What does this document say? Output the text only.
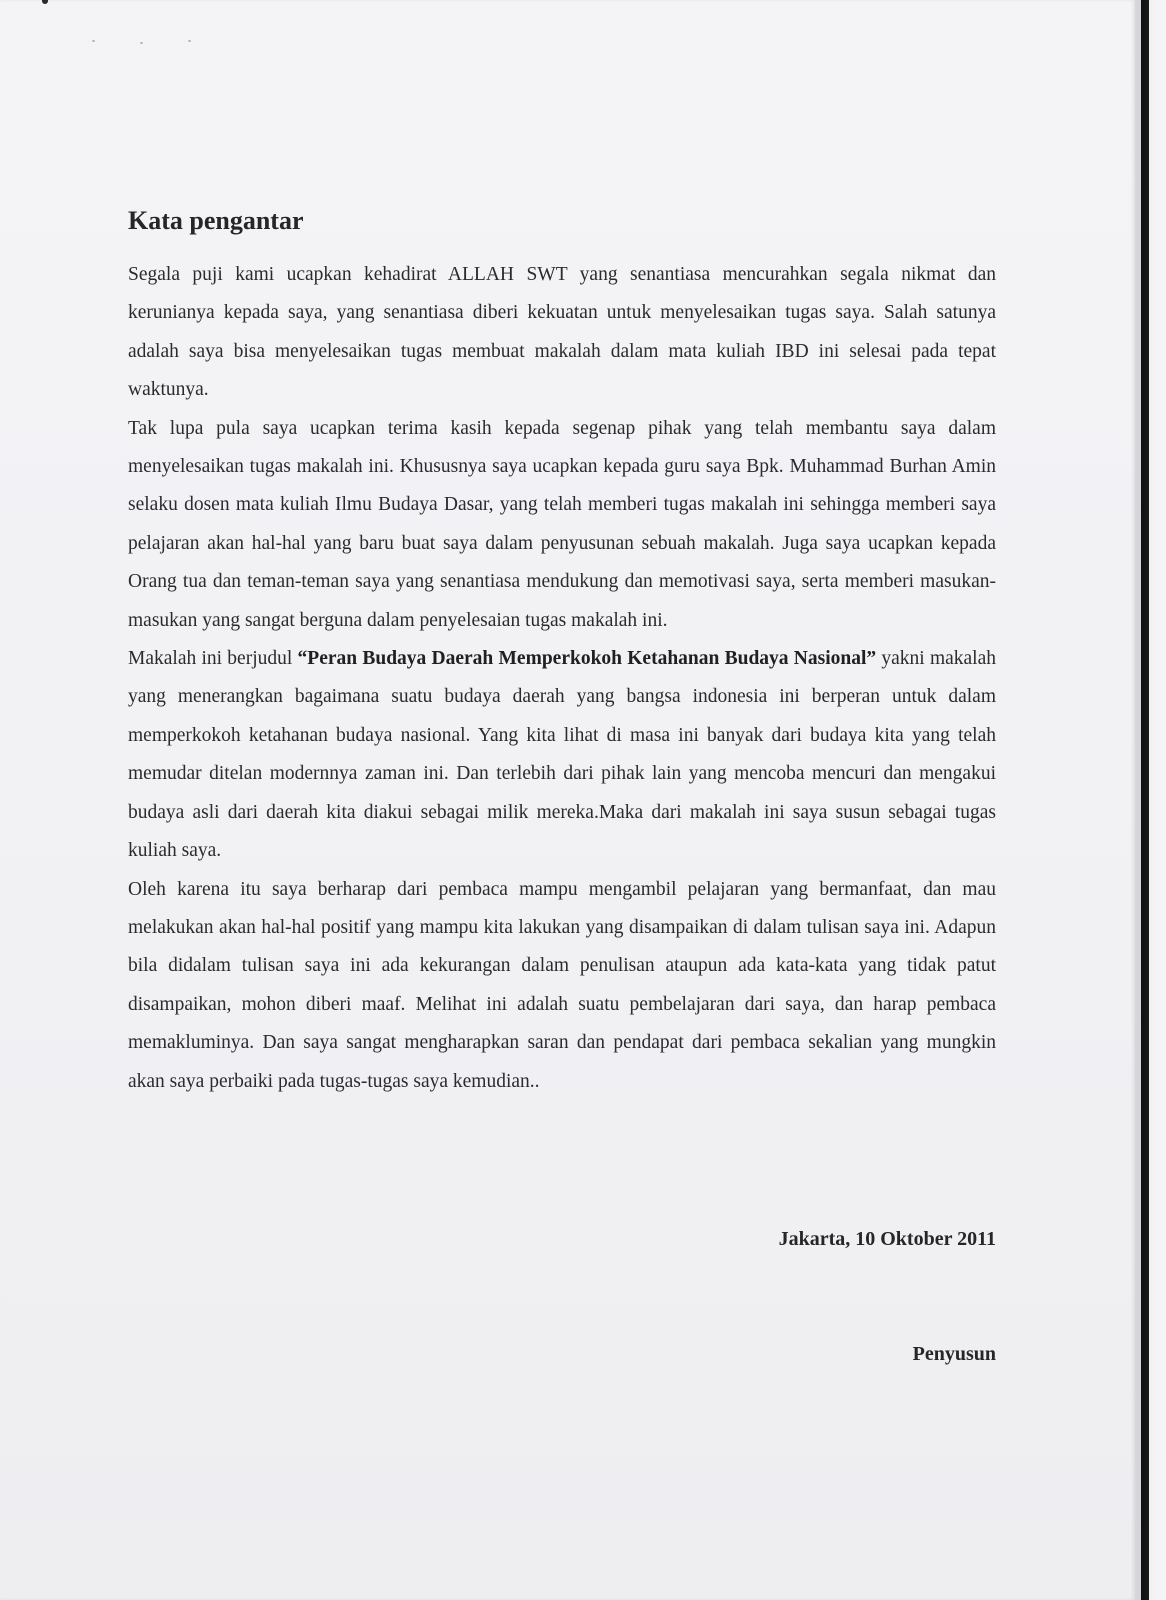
Kata pengantar

Segala puji kami ucapkan kehadirat ALLAH SWT yang senantiasa mencurahkan segala nikmat dan kerunianya kepada saya, yang senantiasa diberi kekuatan untuk menyelesaikan tugas saya. Salah satunya adalah saya bisa menyelesaikan tugas membuat makalah dalam mata kuliah IBD ini selesai pada tepat waktunya.

Tak lupa pula saya ucapkan terima kasih kepada segenap pihak yang telah membantu saya dalam menyelesaikan tugas makalah ini. Khususnya saya ucapkan kepada guru saya Bpk. Muhammad Burhan Amin selaku dosen mata kuliah Ilmu Budaya Dasar, yang telah memberi tugas makalah ini sehingga memberi saya pelajaran akan hal-hal yang baru buat saya dalam penyusunan sebuah makalah. Juga saya ucapkan kepada Orang tua dan teman-teman saya yang senantiasa mendukung dan memotivasi saya, serta memberi masukan-masukan yang sangat berguna dalam penyelesaian tugas makalah ini.

Makalah ini berjudul “Peran Budaya Daerah Memperkokoh Ketahanan Budaya Nasional” yakni makalah yang menerangkan bagaimana suatu budaya daerah yang bangsa indonesia ini berperan untuk dalam memperkokoh ketahanan budaya nasional. Yang kita lihat di masa ini banyak dari budaya kita yang telah memudar ditelan modernnya zaman ini. Dan terlebih dari pihak lain yang mencoba mencuri dan mengakui budaya asli dari daerah kita diakui sebagai milik mereka.Maka dari makalah ini saya susun sebagai tugas kuliah saya.

Oleh karena itu saya berharap dari pembaca mampu mengambil pelajaran yang bermanfaat, dan mau melakukan akan hal-hal positif yang mampu kita lakukan yang disampaikan di dalam tulisan saya ini. Adapun bila didalam tulisan saya ini ada kekurangan dalam penulisan ataupun ada kata-kata yang tidak patut disampaikan, mohon diberi maaf. Melihat ini adalah suatu pembelajaran dari saya, dan harap pembaca memakluminya. Dan saya sangat mengharapkan saran dan pendapat dari pembaca sekalian yang mungkin akan saya perbaiki pada tugas-tugas saya kemudian..

Jakarta, 10 Oktober 2011
Penyusun
